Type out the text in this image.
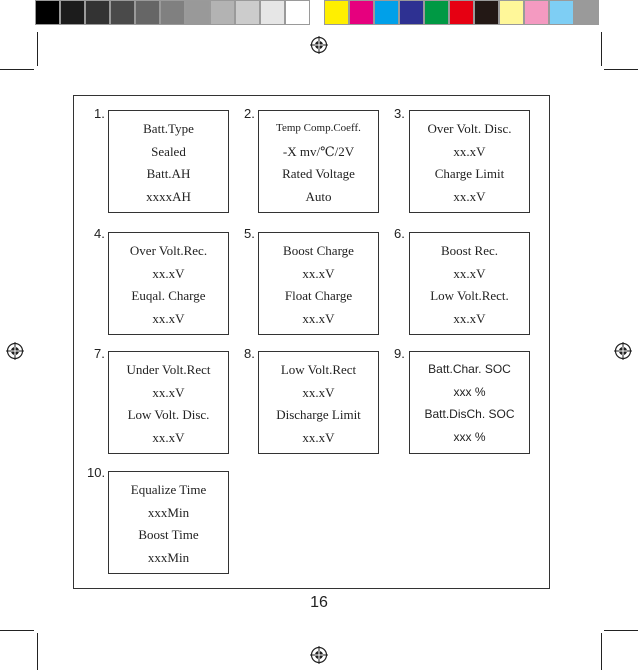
1.
Batt.Type
Sealed
Batt.AH
xxxxAH
2.
Temp Comp.Coeff.
-X mv/℃/2V
Rated Voltage
Auto
3.
Over Volt. Disc.
xx.xV
Charge Limit
xx.xV
4.
Over Volt.Rec.
xx.xV
Euqal. Charge
xx.xV
5.
Boost Charge
xx.xV
Float Charge
xx.xV
6.
Boost Rec.
xx.xV
Low Volt.Rect.
xx.xV
7.
Under Volt.Rect
xx.xV
Low Volt. Disc.
xx.xV
8.
Low Volt.Rect
xx.xV
Discharge Limit
xx.xV
9.
Batt.Char. SOC
xxx %
Batt.DisCh. SOC
xxx %
10.
Equalize Time
xxxMin
Boost Time
xxxMin
16
